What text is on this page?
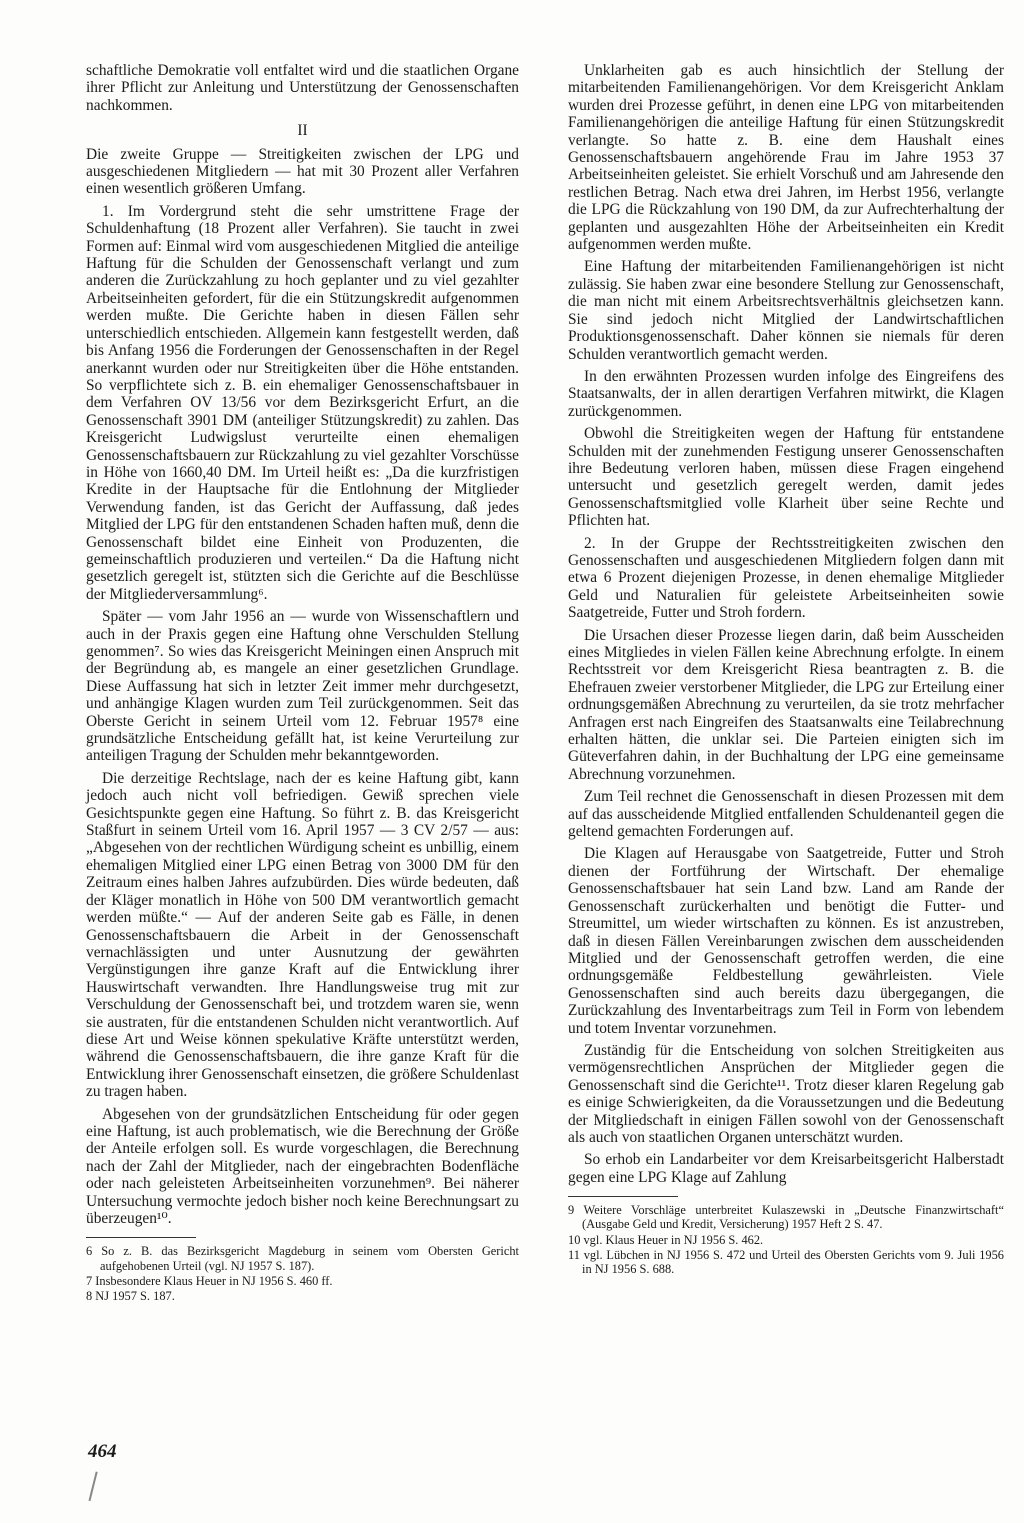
schaftliche Demokratie voll entfaltet wird und die staatlichen Organe ihrer Pflicht zur Anleitung und Unterstützung der Genossenschaften nachkommen.

II

Die zweite Gruppe — Streitigkeiten zwischen der LPG und ausgeschiedenen Mitgliedern — hat mit 30 Prozent aller Verfahren einen wesentlich größeren Umfang.

1. Im Vordergrund steht die sehr umstrittene Frage der Schuldenhaftung (18 Prozent aller Verfahren). Sie taucht in zwei Formen auf: Einmal wird vom ausgeschiedenen Mitglied die anteilige Haftung für die Schulden der Genossenschaft verlangt und zum anderen die Zurückzahlung zu hoch geplanter und zu viel gezahlter Arbeitseinheiten gefordert, für die ein Stützungskredit aufgenommen werden mußte. Die Gerichte haben in diesen Fällen sehr unterschiedlich entschieden. Allgemein kann festgestellt werden, daß bis Anfang 1956 die Forderungen der Genossenschaften in der Regel anerkannt wurden oder nur Streitigkeiten über die Höhe entstanden. So verpflichtete sich z. B. ein ehemaliger Genossenschaftsbauer in dem Verfahren OV 13/56 vor dem Bezirksgericht Erfurt, an die Genossenschaft 3901 DM (anteiliger Stützungskredit) zu zahlen. Das Kreisgericht Ludwigslust verurteilte einen ehemaligen Genossenschaftsbauern zur Rückzahlung zu viel gezahlter Vorschüsse in Höhe von 1660,40 DM. Im Urteil heißt es: „Da die kurzfristigen Kredite in der Hauptsache für die Entlohnung der Mitglieder Verwendung fanden, ist das Gericht der Auffassung, daß jedes Mitglied der LPG für den entstandenen Schaden haften muß, denn die Genossenschaft bildet eine Einheit von Produzenten, die gemeinschaftlich produzieren und verteilen.“ Da die Haftung nicht gesetzlich geregelt ist, stützten sich die Gerichte auf die Beschlüsse der Mitgliederversammlung⁶.

Später — vom Jahr 1956 an — wurde von Wissenschaftlern und auch in der Praxis gegen eine Haftung ohne Verschulden Stellung genommen⁷. So wies das Kreisgericht Meiningen einen Anspruch mit der Begründung ab, es mangele an einer gesetzlichen Grundlage. Diese Auffassung hat sich in letzter Zeit immer mehr durchgesetzt, und anhängige Klagen wurden zum Teil zurückgenommen. Seit das Oberste Gericht in seinem Urteil vom 12. Februar 1957⁸ eine grundsätzliche Entscheidung gefällt hat, ist keine Verurteilung zur anteiligen Tragung der Schulden mehr bekanntgeworden.

Die derzeitige Rechtslage, nach der es keine Haftung gibt, kann jedoch auch nicht voll befriedigen. Gewiß sprechen viele Gesichtspunkte gegen eine Haftung. So führt z. B. das Kreisgericht Staßfurt in seinem Urteil vom 16. April 1957 — 3 CV 2/57 — aus: „Abgesehen von der rechtlichen Würdigung scheint es unbillig, einem ehemaligen Mitglied einer LPG einen Betrag von 3000 DM für den Zeitraum eines halben Jahres aufzubürden. Dies würde bedeuten, daß der Kläger monatlich in Höhe von 500 DM verantwortlich gemacht werden müßte.“ — Auf der anderen Seite gab es Fälle, in denen Genossenschaftsbauern die Arbeit in der Genossenschaft vernachlässigten und unter Ausnutzung der gewährten Vergünstigungen ihre ganze Kraft auf die Entwicklung ihrer Hauswirtschaft verwandten. Ihre Handlungsweise trug mit zur Verschuldung der Genossenschaft bei, und trotzdem waren sie, wenn sie austraten, für die entstandenen Schulden nicht verantwortlich. Auf diese Art und Weise können spekulative Kräfte unterstützt werden, während die Genossenschaftsbauern, die ihre ganze Kraft für die Entwicklung ihrer Genossenschaft einsetzen, die größere Schuldenlast zu tragen haben.

Abgesehen von der grundsätzlichen Entscheidung für oder gegen eine Haftung, ist auch problematisch, wie die Berechnung der Größe der Anteile erfolgen soll. Es wurde vorgeschlagen, die Berechnung nach der Zahl der Mitglieder, nach der eingebrachten Bodenfläche oder nach geleisteten Arbeitseinheiten vorzunehmen⁹. Bei näherer Untersuchung vermochte jedoch bisher noch keine Berechnungsart zu überzeugen¹⁰.

6 So z. B. das Bezirksgericht Magdeburg in seinem vom Obersten Gericht aufgehobenen Urteil (vgl. NJ 1957 S. 187).

7 Insbesondere Klaus Heuer in NJ 1956 S. 460 ff.

8 NJ 1957 S. 187.

Unklarheiten gab es auch hinsichtlich der Stellung der mitarbeitenden Familienangehörigen. Vor dem Kreisgericht Anklam wurden drei Prozesse geführt, in denen eine LPG von mitarbeitenden Familienangehörigen die anteilige Haftung für einen Stützungskredit verlangte. So hatte z. B. eine dem Haushalt eines Genossenschaftsbauern angehörende Frau im Jahre 1953 37 Arbeitseinheiten geleistet. Sie erhielt Vorschuß und am Jahresende den restlichen Betrag. Nach etwa drei Jahren, im Herbst 1956, verlangte die LPG die Rückzahlung von 190 DM, da zur Aufrechterhaltung der geplanten und ausgezahlten Höhe der Arbeitseinheiten ein Kredit aufgenommen werden mußte.

Eine Haftung der mitarbeitenden Familienangehörigen ist nicht zulässig. Sie haben zwar eine besondere Stellung zur Genossenschaft, die man nicht mit einem Arbeitsrechtsverhältnis gleichsetzen kann. Sie sind jedoch nicht Mitglied der Landwirtschaftlichen Produktionsgenossenschaft. Daher können sie niemals für deren Schulden verantwortlich gemacht werden.

In den erwähnten Prozessen wurden infolge des Eingreifens des Staatsanwalts, der in allen derartigen Verfahren mitwirkt, die Klagen zurückgenommen.

Obwohl die Streitigkeiten wegen der Haftung für entstandene Schulden mit der zunehmenden Festigung unserer Genossenschaften ihre Bedeutung verloren haben, müssen diese Fragen eingehend untersucht und gesetzlich geregelt werden, damit jedes Genossenschaftsmitglied volle Klarheit über seine Rechte und Pflichten hat.

2. In der Gruppe der Rechtsstreitigkeiten zwischen den Genossenschaften und ausgeschiedenen Mitgliedern folgen dann mit etwa 6 Prozent diejenigen Prozesse, in denen ehemalige Mitglieder Geld und Naturalien für geleistete Arbeitseinheiten sowie Saatgetreide, Futter und Stroh fordern.

Die Ursachen dieser Prozesse liegen darin, daß beim Ausscheiden eines Mitgliedes in vielen Fällen keine Abrechnung erfolgte. In einem Rechtsstreit vor dem Kreisgericht Riesa beantragten z. B. die Ehefrauen zweier verstorbener Mitglieder, die LPG zur Erteilung einer ordnungsgemäßen Abrechnung zu verurteilen, da sie trotz mehrfacher Anfragen erst nach Eingreifen des Staatsanwalts eine Teilabrechnung erhalten hätten, die unklar sei. Die Parteien einigten sich im Güteverfahren dahin, in der Buchhaltung der LPG eine gemeinsame Abrechnung vorzunehmen.

Zum Teil rechnet die Genossenschaft in diesen Prozessen mit dem auf das ausscheidende Mitglied entfallenden Schuldenanteil gegen die geltend gemachten Forderungen auf.

Die Klagen auf Herausgabe von Saatgetreide, Futter und Stroh dienen der Fortführung der Wirtschaft. Der ehemalige Genossenschaftsbauer hat sein Land bzw. Land am Rande der Genossenschaft zurückerhalten und benötigt die Futter- und Streumittel, um wieder wirtschaften zu können. Es ist anzustreben, daß in diesen Fällen Vereinbarungen zwischen dem ausscheidenden Mitglied und der Genossenschaft getroffen werden, die eine ordnungsgemäße Feldbestellung gewährleisten. Viele Genossenschaften sind auch bereits dazu übergegangen, die Zurückzahlung des Inventarbeitrags zum Teil in Form von lebendem und totem Inventar vorzunehmen.

Zuständig für die Entscheidung von solchen Streitigkeiten aus vermögensrechtlichen Ansprüchen der Mitglieder gegen die Genossenschaft sind die Gerichte¹¹. Trotz dieser klaren Regelung gab es einige Schwierigkeiten, da die Voraussetzungen und die Bedeutung der Mitgliedschaft in einigen Fällen sowohl von der Genossenschaft als auch von staatlichen Organen unterschätzt wurden.

So erhob ein Landarbeiter vor dem Kreisarbeitsgericht Halberstadt gegen eine LPG Klage auf Zahlung

9 Weitere Vorschläge unterbreitet Kulaszewski in „Deutsche Finanzwirtschaft“ (Ausgabe Geld und Kredit, Versicherung) 1957 Heft 2 S. 47.

10 vgl. Klaus Heuer in NJ 1956 S. 462.

11 vgl. Lübchen in NJ 1956 S. 472 und Urteil des Obersten Gerichts vom 9. Juli 1956 in NJ 1956 S. 688.

464
